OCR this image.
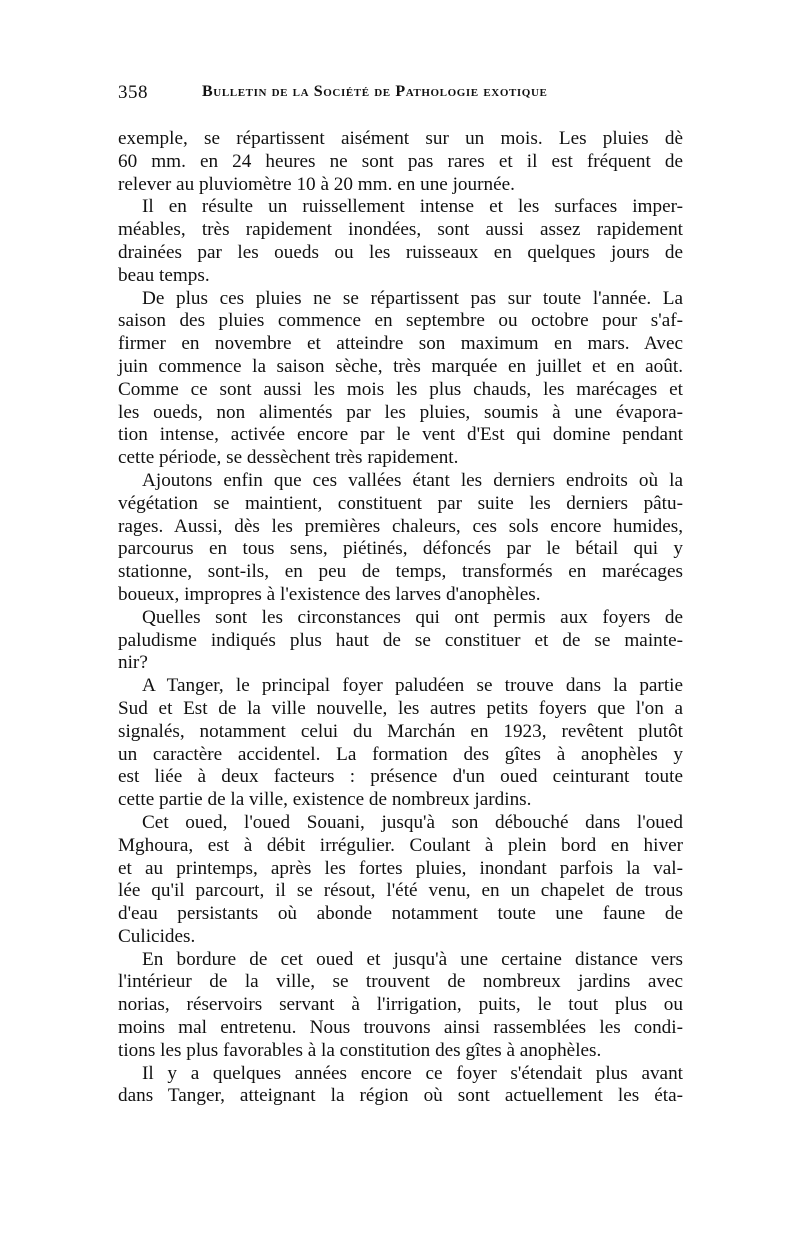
358	Bulletin de la Société de Pathologie exotique
exemple, se répartissent aisément sur un mois. Les pluies dè
60 mm. en 24 heures ne sont pas rares et il est fréquent de
relever au pluviomètre 10 à 20 mm. en une journée.
Il en résulte un ruissellement intense et les surfaces imper-
méables, très rapidement inondées, sont aussi assez rapidement
drainées par les oueds ou les ruisseaux en quelques jours de
beau temps.
De plus ces pluies ne se répartissent pas sur toute l'année. La
saison des pluies commence en septembre ou octobre pour s'af-
firmer en novembre et atteindre son maximum en mars. Avec
juin commence la saison sèche, très marquée en juillet et en août.
Comme ce sont aussi les mois les plus chauds, les marécages et
les oueds, non alimentés par les pluies, soumis à une évapora-
tion intense, activée encore par le vent d'Est qui domine pendant
cette période, se dessèchent très rapidement.
Ajoutons enfin que ces vallées étant les derniers endroits où la
végétation se maintient, constituent par suite les derniers pâtu-
rages. Aussi, dès les premières chaleurs, ces sols encore humides,
parcourus en tous sens, piétinés, défoncés par le bétail qui y
stationne, sont-ils, en peu de temps, transformés en marécages
boueux, impropres à l'existence des larves d'anophèles.
Quelles sont les circonstances qui ont permis aux foyers de
paludisme indiqués plus haut de se constituer et de se mainte-
nir?
A Tanger, le principal foyer paludéen se trouve dans la partie
Sud et Est de la ville nouvelle, les autres petits foyers que l'on a
signalés, notamment celui du Marchán en 1923, revêtent plutôt
un caractère accidentel. La formation des gîtes à anophèles y
est liée à deux facteurs : présence d'un oued ceinturant toute
cette partie de la ville, existence de nombreux jardins.
Cet oued, l'oued Souani, jusqu'à son débouché dans l'oued
Mghoura, est à débit irrégulier. Coulant à plein bord en hiver
et au printemps, après les fortes pluies, inondant parfois la val-
lée qu'il parcourt, il se résout, l'été venu, en un chapelet de trous
d'eau persistants où abonde notamment toute une faune de
Culicides.
En bordure de cet oued et jusqu'à une certaine distance vers
l'intérieur de la ville, se trouvent de nombreux jardins avec
norias, réservoirs servant à l'irrigation, puits, le tout plus ou
moins mal entretenu. Nous trouvons ainsi rassemblées les condi-
tions les plus favorables à la constitution des gîtes à anophèles.
Il y a quelques années encore ce foyer s'étendait plus avant
dans Tanger, atteignant la région où sont actuellement les éta-
